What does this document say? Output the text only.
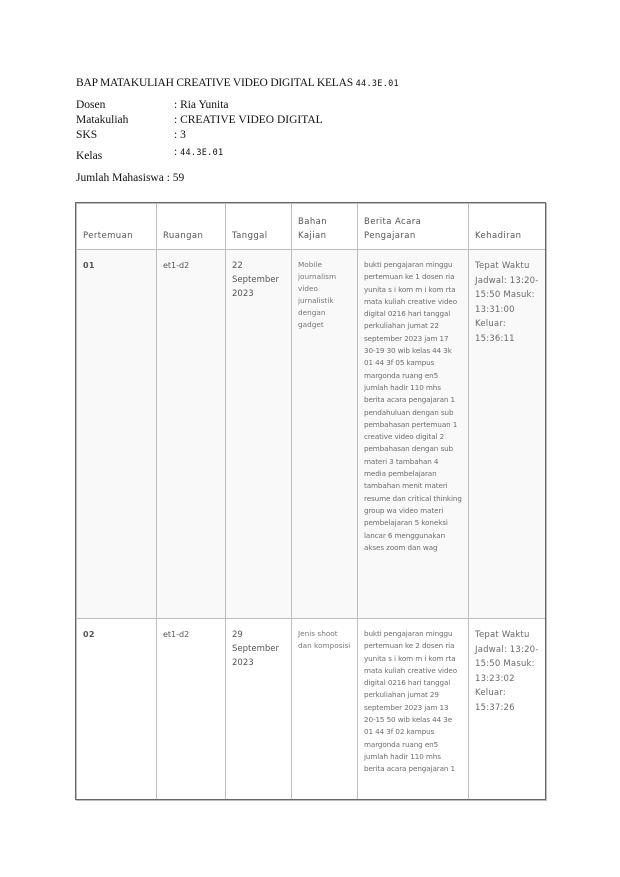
BAP MATAKULIAH CREATIVE VIDEO DIGITAL KELAS 44.3E.01
Dosen	: Ria Yunita
Matakuliah	: CREATIVE VIDEO DIGITAL
SKS	: 3
Kelas	: $^{44.3E.01}$
Jumlah Mahasiswa : 59
Pertemuan	Ruangan	Tanggal	Bahan Kajian	Berita Acara Pengajaran	Kehadiran
01	et1-d2	22 September 2023	Mobile journalism video jurnalistik dengan gadget	bukti pengajaran minggu pertemuan ke 1 dosen ria yunita s i kom m i kom rta mata kuliah creative video digital 0216 hari tanggal perkuliahan jumat 22 september 2023 jam 17 30-19 30 wib kelas 44 3k 01 44 3f 05 kampus margonda ruang en5 jumlah hadir 110 mhs berita acara pengajaran 1 pendahuluan dengan sub pembahasan pertemuan 1 creative video digital 2 pembahasan dengan sub materi 3 tambahan 4 media pembelajaran tambahan menit materi resume dan critical thinking group wa video materi pembelajaran 5 koneksi lancar 6 menggunakan akses zoom dan wag	Tepat Waktu Jadwal: 13:20-15:50 Masuk: 13:31:00 Keluar: 15:36:11
02	et1-d2	29 September 2023	Jenis shoot dan komposisi	bukti pengajaran minggu pertemuan ke 2 dosen ria yunita s i kom m i kom rta mata kuliah creative video digital 0216 hari tanggal perkuliahan jumat 29 september 2023 jam 13 20-15 50 wib kelas 44 3e 01 44 3f 02 kampus margonda ruang en5 jumlah hadir 110 mhs berita acara pengajaran 1	Tepat Waktu Jadwal: 13:20-15:50 Masuk: 13:23:02 Keluar: 15:37:26
